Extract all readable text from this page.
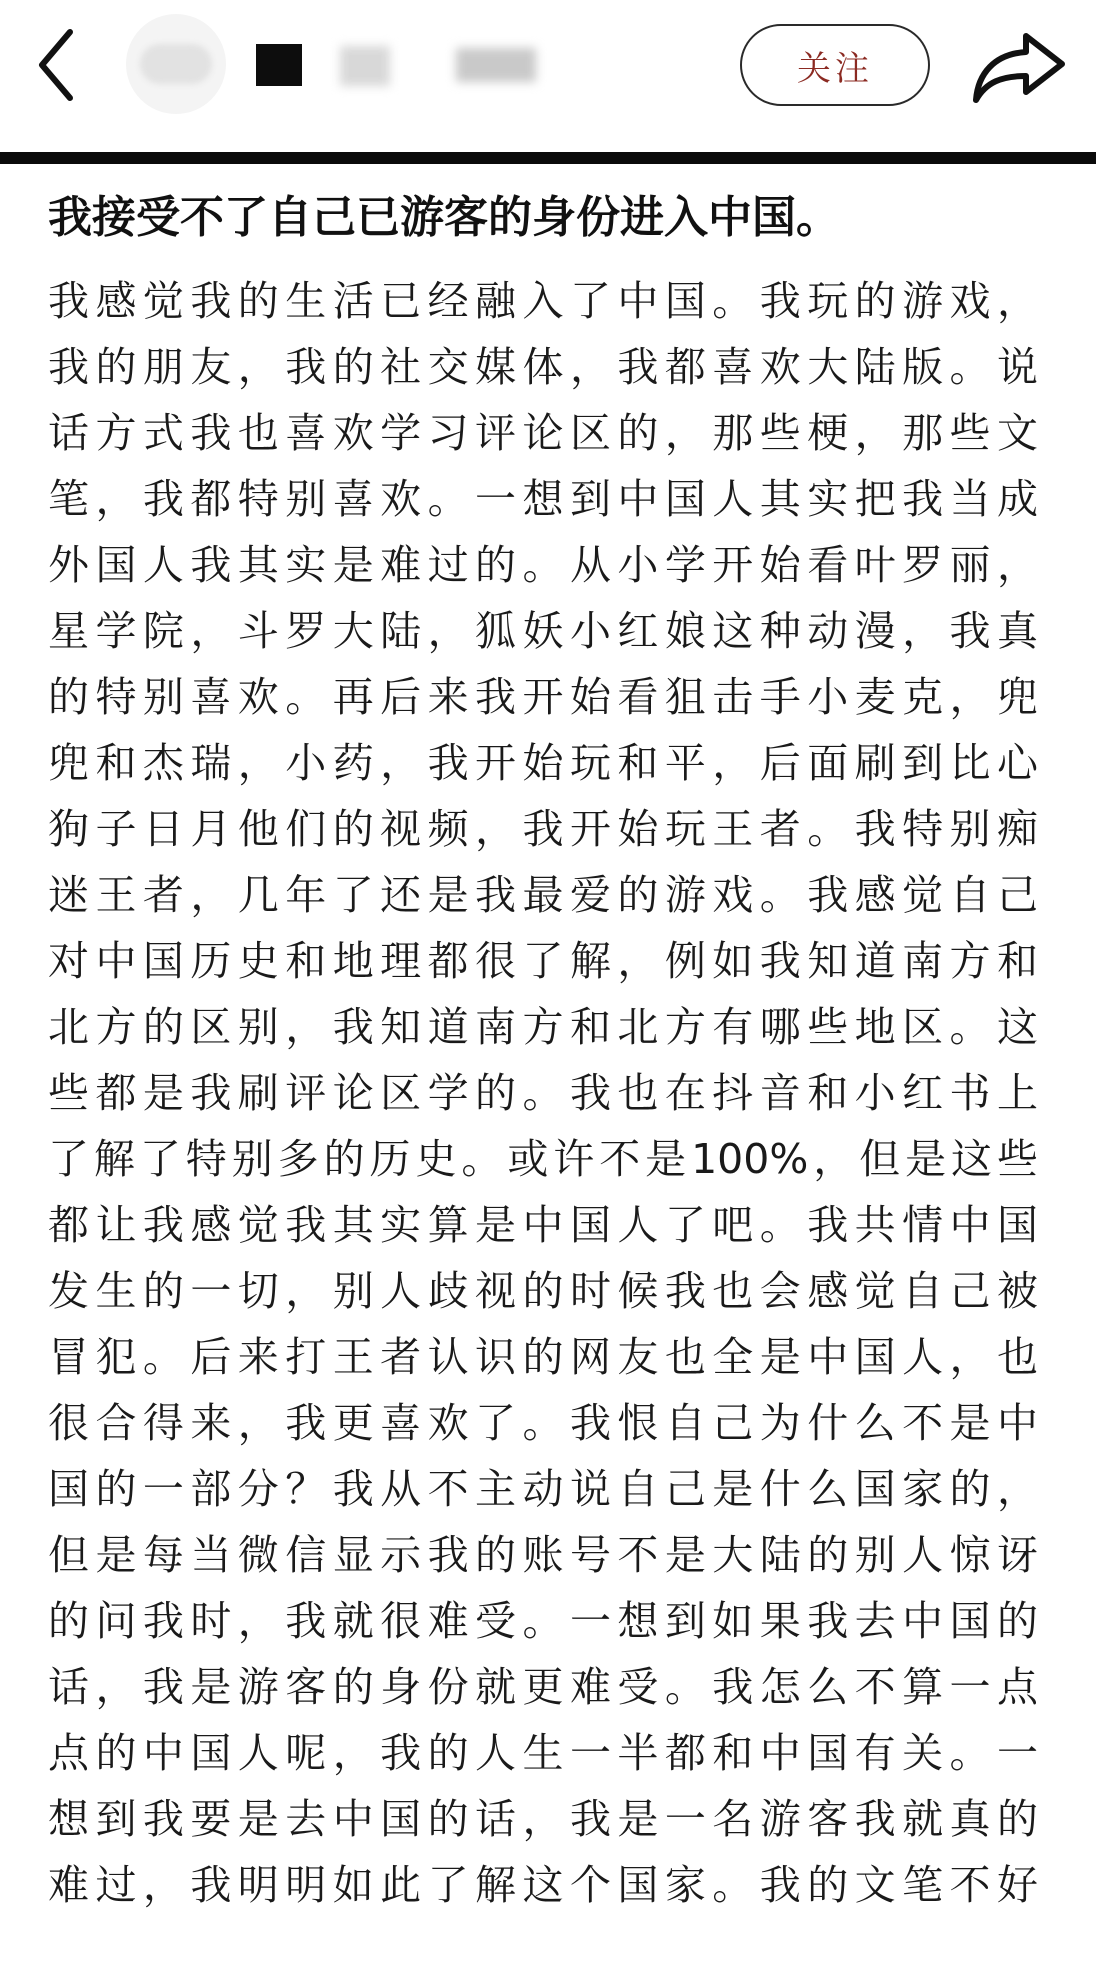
关注
我接受不了自己已游客的身份进入中国。
我感觉我的生活已经融入了中国。我玩的游戏，
我的朋友，我的社交媒体，我都喜欢大陆版。说
话方式我也喜欢学习评论区的，那些梗，那些文
笔，我都特别喜欢。一想到中国人其实把我当成
外国人我其实是难过的。从小学开始看叶罗丽，
星学院，斗罗大陆，狐妖小红娘这种动漫，我真
的特别喜欢。再后来我开始看狙击手小麦克，兜
兜和杰瑞，小药，我开始玩和平，后面刷到比心
狗子日月他们的视频，我开始玩王者。我特别痴
迷王者，几年了还是我最爱的游戏。我感觉自己
对中国历史和地理都很了解，例如我知道南方和
北方的区别，我知道南方和北方有哪些地区。这
些都是我刷评论区学的。我也在抖音和小红书上
了解了特别多的历史。或许不是100%，但是这些
都让我感觉我其实算是中国人了吧。我共情中国
发生的一切，别人歧视的时候我也会感觉自己被
冒犯。后来打王者认识的网友也全是中国人，也
很合得来，我更喜欢了。我恨自己为什么不是中
国的一部分？我从不主动说自己是什么国家的，
但是每当微信显示我的账号不是大陆的别人惊讶
的问我时，我就很难受。一想到如果我去中国的
话，我是游客的身份就更难受。我怎么不算一点
点的中国人呢，我的人生一半都和中国有关。一
想到我要是去中国的话，我是一名游客我就真的
难过，我明明如此了解这个国家。我的文笔不好
